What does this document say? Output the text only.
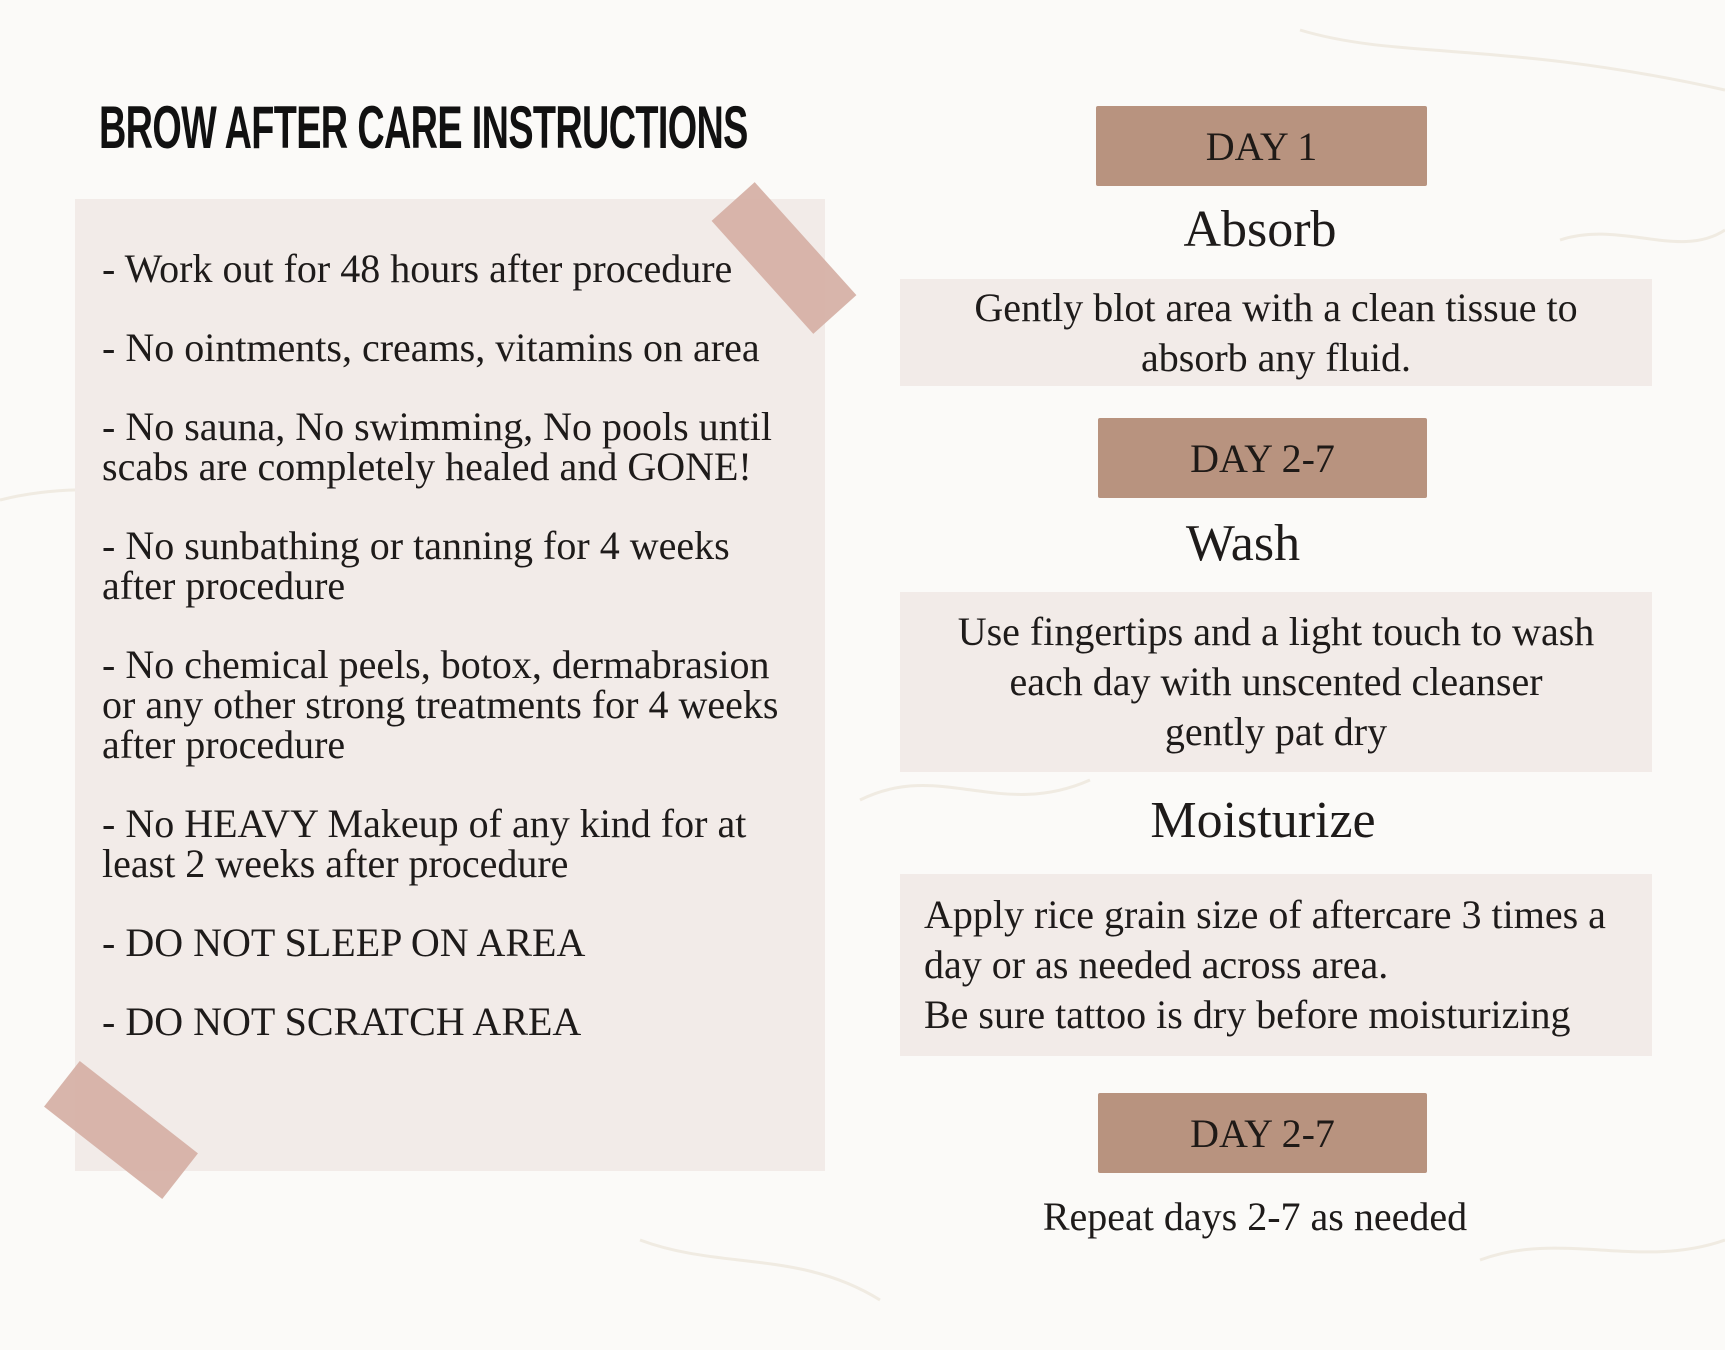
BROW AFTER CARE INSTRUCTIONS
- Work out for 48 hours after procedure
- No ointments, creams, vitamins on area
- No sauna, No swimming, No pools until
scabs are completely healed and GONE!
- No sunbathing or tanning for 4 weeks
after procedure
- No chemical peels, botox, dermabrasion
or any other strong treatments for 4 weeks
after procedure
- No HEAVY Makeup of any kind for at
least 2 weeks after procedure
- DO NOT SLEEP ON AREA
- DO NOT SCRATCH AREA
DAY 1
Absorb
Gently blot area with a clean tissue to
absorb any fluid.
DAY 2-7
Wash
Use fingertips and a light touch to wash
each day with unscented cleanser
gently pat dry
Moisturize
Apply rice grain size of aftercare 3 times a
day or as needed across area.
Be sure tattoo is dry before moisturizing
DAY 2-7
Repeat days 2-7 as needed
